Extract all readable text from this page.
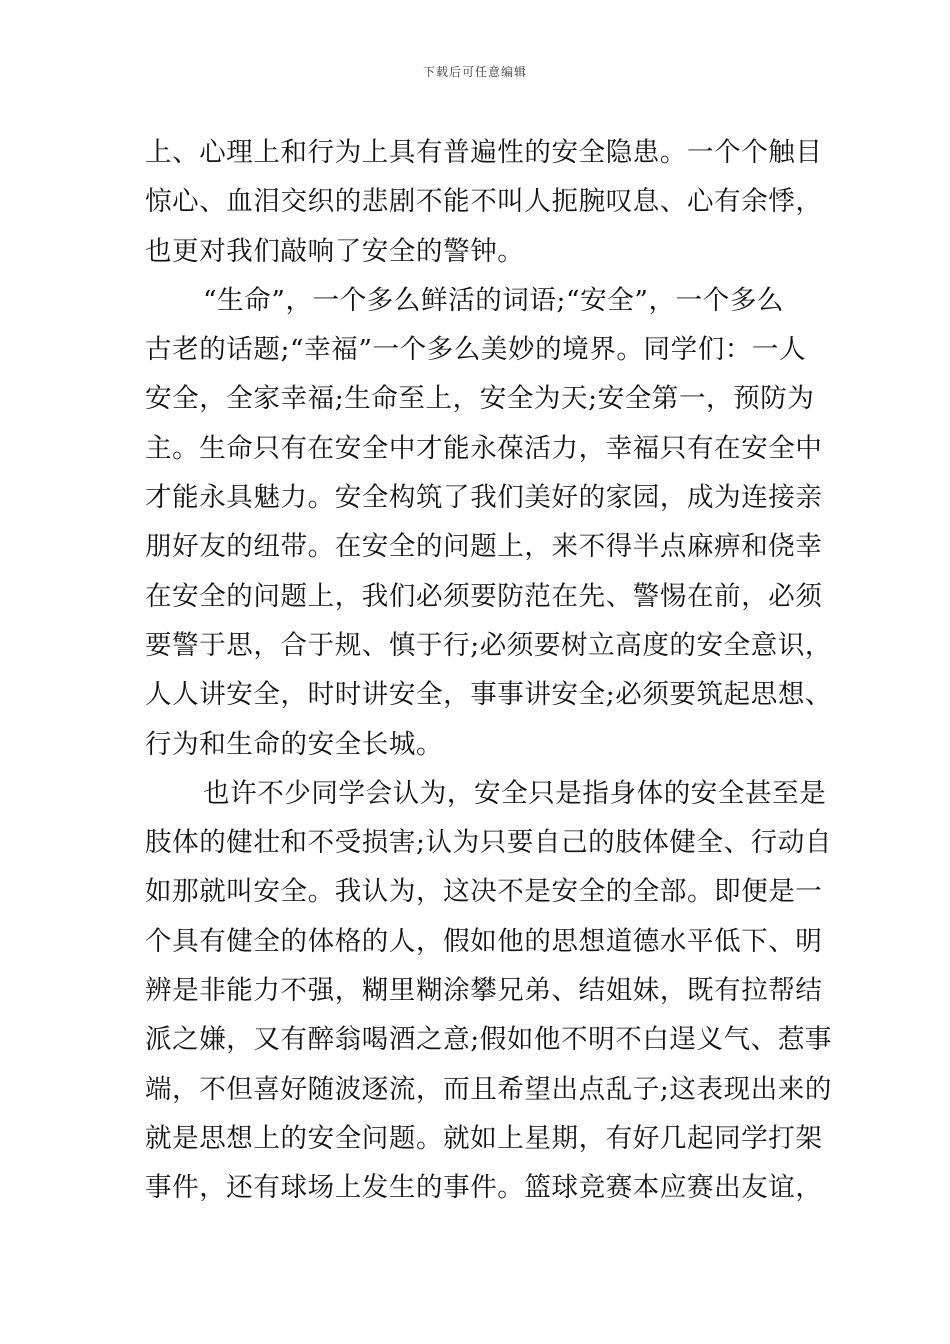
下载后可任意编辑
上、心理上和行为上具有普遍性的安全隐患。一个个触目
惊心、血泪交织的悲剧不能不叫人扼腕叹息、心有余悸，
也更对我们敲响了安全的警钟。
“生命”，一个多么鲜活的词语;“安全”，一个多么
古老的话题;“幸福”一个多么美妙的境界。同学们：一人
安全，全家幸福;生命至上，安全为天;安全第一，预防为
主。生命只有在安全中才能永葆活力，幸福只有在安全中
才能永具魅力。安全构筑了我们美好的家园，成为连接亲
朋好友的纽带。在安全的问题上，来不得半点麻痹和侥幸
在安全的问题上，我们必须要防范在先、警惕在前，必须
要警于思，合于规、慎于行;必须要树立高度的安全意识，
人人讲安全，时时讲安全，事事讲安全;必须要筑起思想、
行为和生命的安全长城。
也许不少同学会认为，安全只是指身体的安全甚至是
肢体的健壮和不受损害;认为只要自己的肢体健全、行动自
如那就叫安全。我认为，这决不是安全的全部。即便是一
个具有健全的体格的人，假如他的思想道德水平低下、明
辨是非能力不强，糊里糊涂攀兄弟、结姐妹，既有拉帮结
派之嫌，又有醉翁喝酒之意;假如他不明不白逞义气、惹事
端，不但喜好随波逐流，而且希望出点乱子;这表现出来的
就是思想上的安全问题。就如上星期，有好几起同学打架
事件，还有球场上发生的事件。篮球竞赛本应赛出友谊，
